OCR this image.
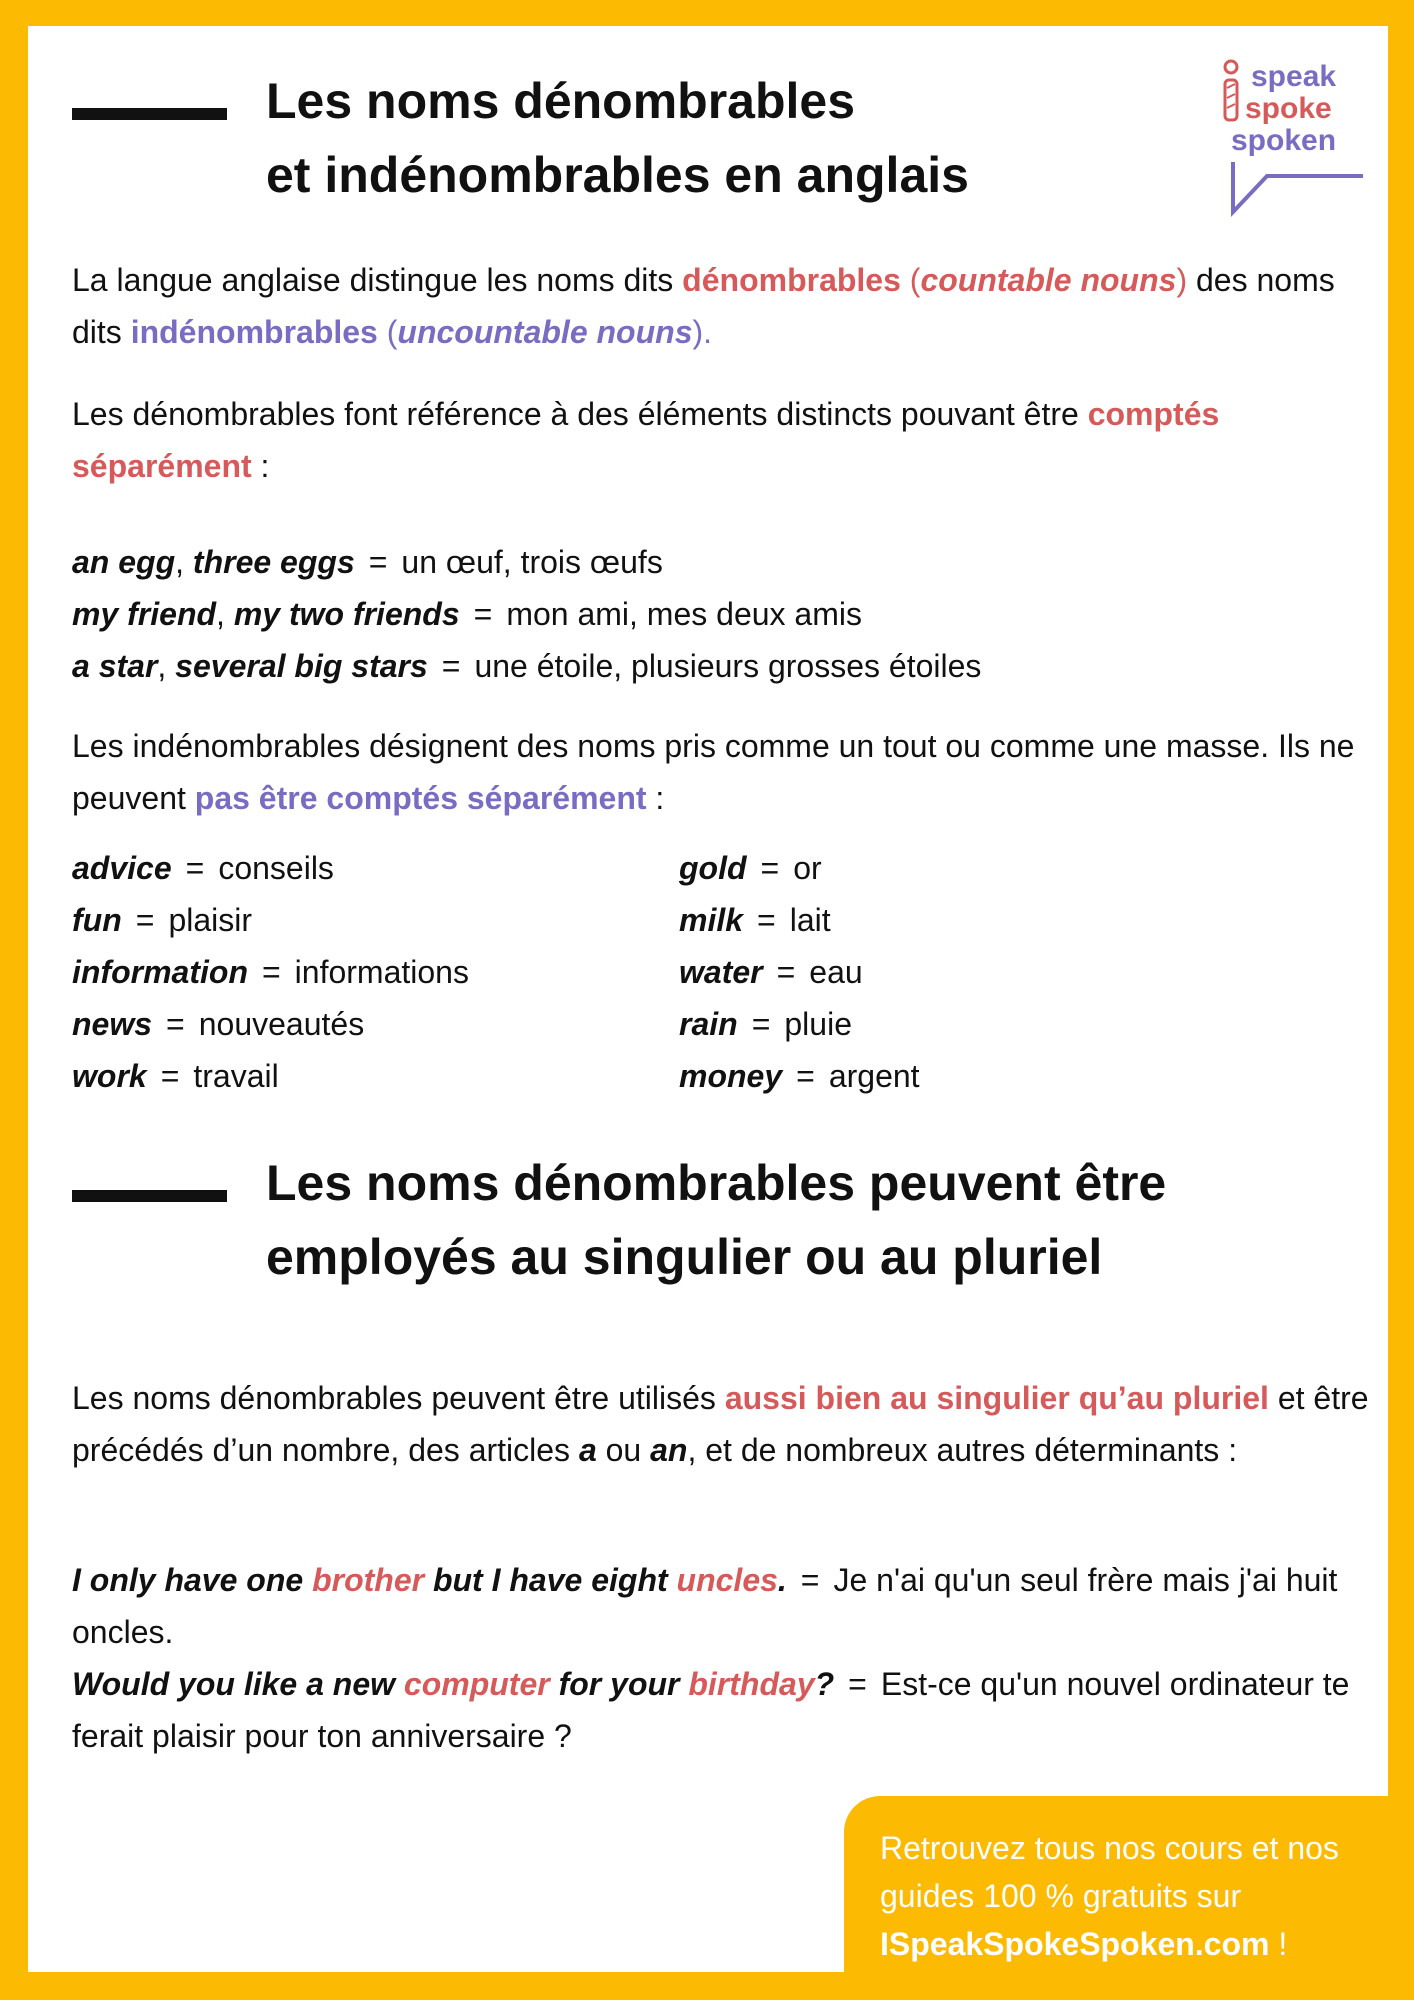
speak
spoke
spoken
Les noms dénombrables
et indénombrables en anglais

La langue anglaise distingue les noms dits dénombrables (countable nouns) des noms dits indénombrables (uncountable nouns).

Les dénombrables font référence à des éléments distincts pouvant être comptés séparément :

an egg, three eggs = un œuf, trois œufs
my friend, my two friends = mon ami, mes deux amis
a star, several big stars = une étoile, plusieurs grosses étoiles

Les indénombrables désignent des noms pris comme un tout ou comme une masse. Ils ne peuvent pas être comptés séparément :

advice = conseils
fun = plaisir
information = informations
news = nouveautés
work = travail
gold = or
milk = lait
water = eau
rain = pluie
money = argent
Les noms dénombrables peuvent être
employés au singulier ou au pluriel

Les noms dénombrables peuvent être utilisés aussi bien au singulier qu’au pluriel et être précédés d’un nombre, des articles a ou an, et de nombreux autres déterminants :

I only have one brother but I have eight uncles. = Je n'ai qu'un seul frère mais j'ai huit oncles.

Would you like a new computer for your birthday? = Est-ce qu'un nouvel ordinateur te ferait plaisir pour ton anniversaire ?

Retrouvez tous nos cours et nos guides 100 % gratuits sur ISpeakSpokeSpoken.com !
